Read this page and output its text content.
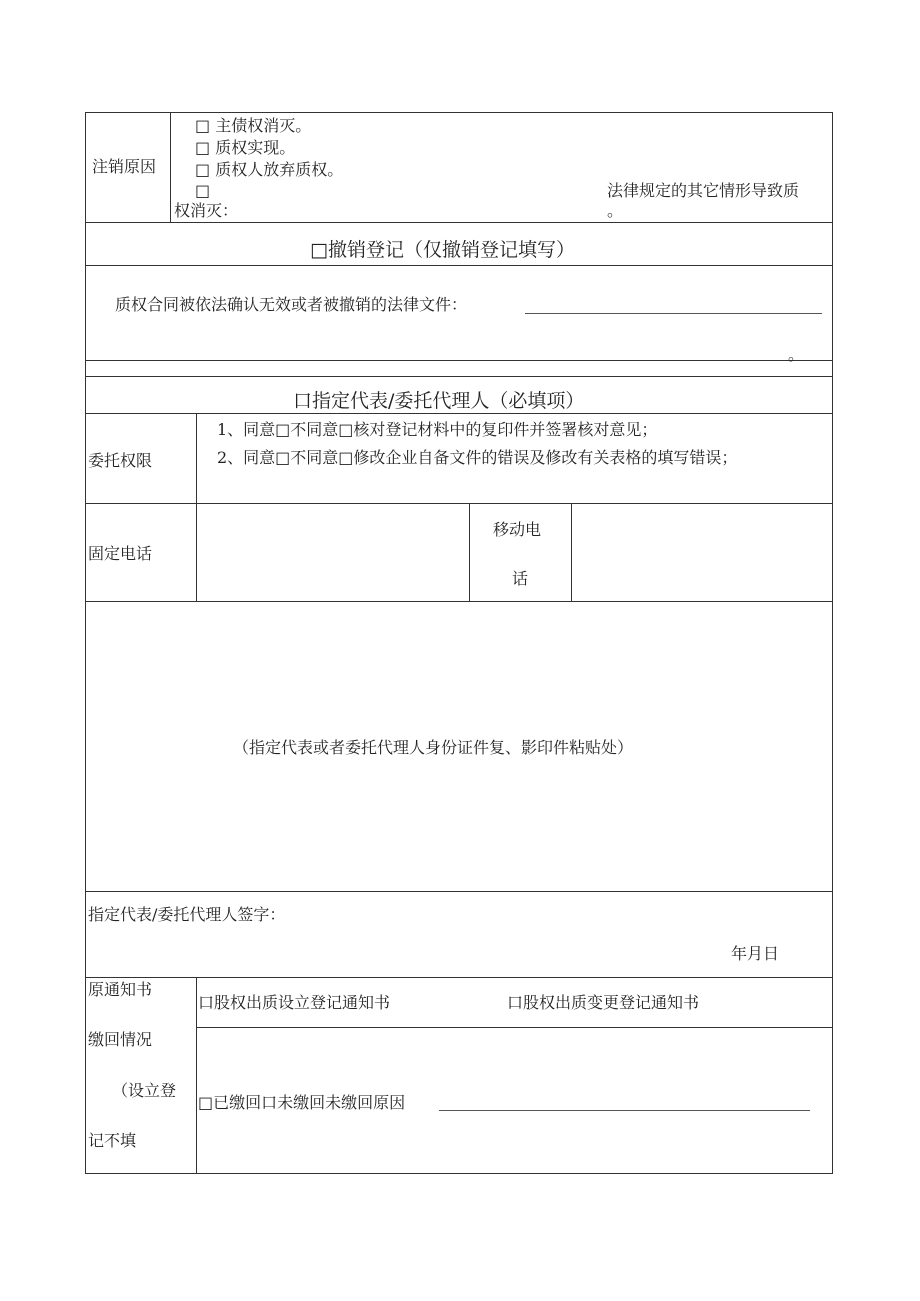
注销原因
□ 主债权消灭。
□ 质权实现。
□ 质权人放弃质权。
□	法律规定的其它情形导致质
。
权消灭：
□撤销登记（仅撤销登记填写）
质权合同被依法确认无效或者被撤销的法律文件：
。
口指定代表/委托代理人（必填项）
委托权限
1、同意□不同意□核对登记材料中的复印件并签署核对意见；
2、同意□不同意□修改企业自备文件的错误及修改有关表格的填写错误；
固定电话
移动电
话
（指定代表或者委托代理人身份证件复、影印件粘贴处）
指定代表/委托代理人签字：
年月日
原通知书
缴回情况
（设立登
记不填
口股权出质设立登记通知书	口股权出质变更登记通知书
□已缴回口未缴回未缴回原因
